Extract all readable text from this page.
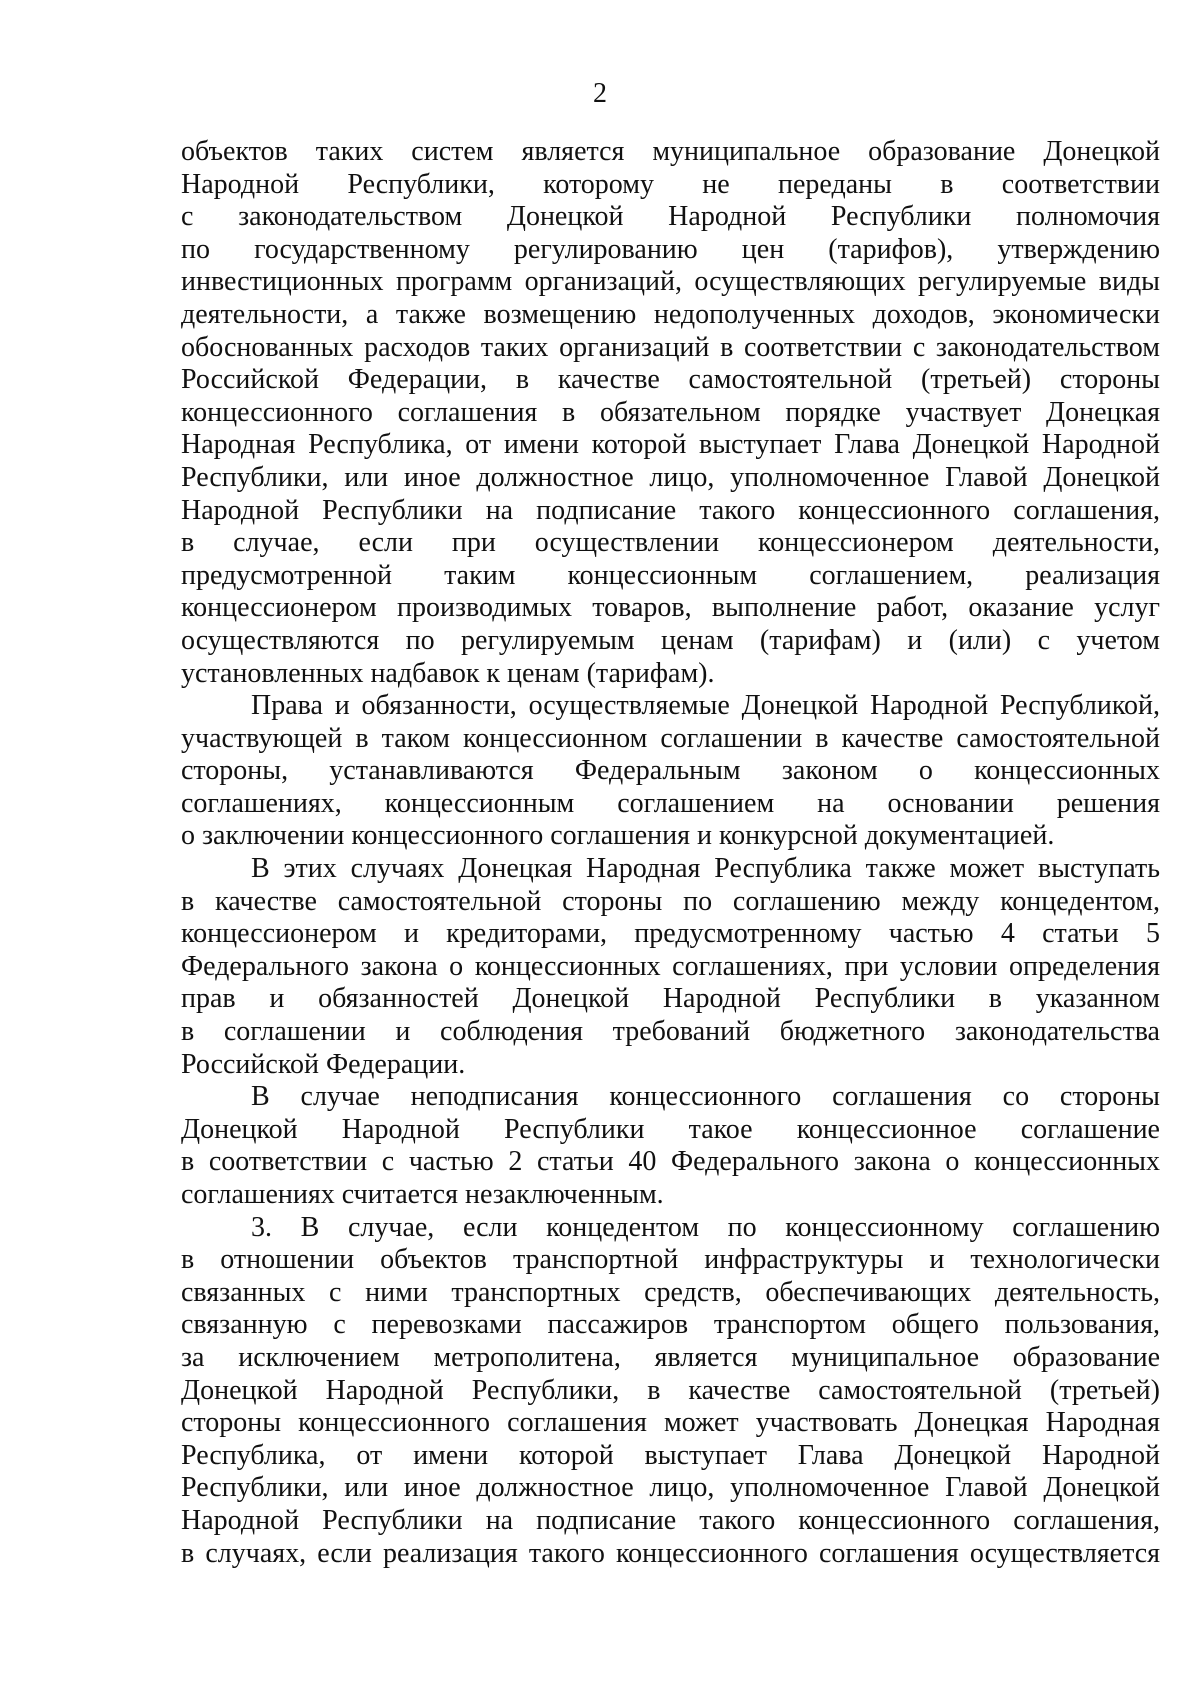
2
объектов таких систем является муниципальное образование Донецкой
Народной Республики, которому не переданы в соответствии
с законодательством Донецкой Народной Республики полномочия
по государственному регулированию цен (тарифов), утверждению
инвестиционных программ организаций, осуществляющих регулируемые виды
деятельности, а также возмещению недополученных доходов, экономически
обоснованных расходов таких организаций в соответствии с законодательством
Российской Федерации, в качестве самостоятельной (третьей) стороны
концессионного соглашения в обязательном порядке участвует Донецкая
Народная Республика, от имени которой выступает Глава Донецкой Народной
Республики, или иное должностное лицо, уполномоченное Главой Донецкой
Народной Республики на подписание такого концессионного соглашения,
в случае, если при осуществлении концессионером деятельности,
предусмотренной таким концессионным соглашением, реализация
концессионером производимых товаров, выполнение работ, оказание услуг
осуществляются по регулируемым ценам (тарифам) и (или) с учетом
установленных надбавок к ценам (тарифам).
Права и обязанности, осуществляемые Донецкой Народной Республикой,
участвующей в таком концессионном соглашении в качестве самостоятельной
стороны, устанавливаются Федеральным законом о концессионных
соглашениях, концессионным соглашением на основании решения
о заключении концессионного соглашения и конкурсной документацией.
В этих случаях Донецкая Народная Республика также может выступать
в качестве самостоятельной стороны по соглашению между концедентом,
концессионером и кредиторами, предусмотренному частью 4 статьи 5
Федерального закона о концессионных соглашениях, при условии определения
прав и обязанностей Донецкой Народной Республики в указанном
в соглашении и соблюдения требований бюджетного законодательства
Российской Федерации.
В случае неподписания концессионного соглашения со стороны
Донецкой Народной Республики такое концессионное соглашение
в соответствии с частью 2 статьи 40 Федерального закона о концессионных
соглашениях считается незаключенным.
3. В случае, если концедентом по концессионному соглашению
в отношении объектов транспортной инфраструктуры и технологически
связанных с ними транспортных средств, обеспечивающих деятельность,
связанную с перевозками пассажиров транспортом общего пользования,
за исключением метрополитена, является муниципальное образование
Донецкой Народной Республики, в качестве самостоятельной (третьей)
стороны концессионного соглашения может участвовать Донецкая Народная
Республика, от имени которой выступает Глава Донецкой Народной
Республики, или иное должностное лицо, уполномоченное Главой Донецкой
Народной Республики на подписание такого концессионного соглашения,
в случаях, если реализация такого концессионного соглашения осуществляется
